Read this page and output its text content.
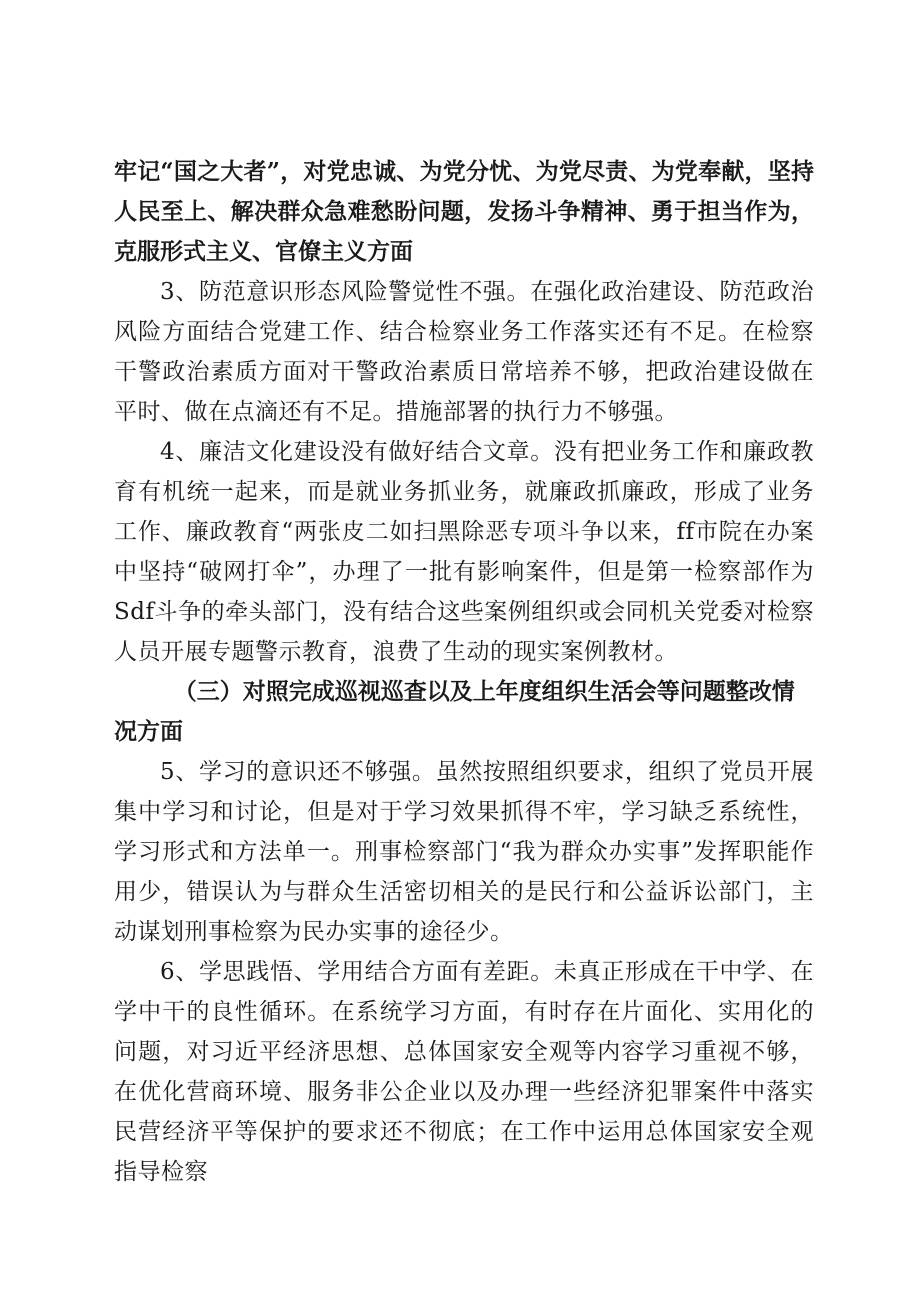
牢记“国之大者”，对党忠诚、为党分忧、为党尽责、为党奉献，坚持人民至上、解决群众急难愁盼问题，发扬斗争精神、勇于担当作为，克服形式主义、官僚主义方面

3、防范意识形态风险警觉性不强。在强化政治建设、防范政治风险方面结合党建工作、结合检察业务工作落实还有不足。在检察干警政治素质方面对干警政治素质日常培养不够，把政治建设做在平时、做在点滴还有不足。措施部署的执行力不够强。

4、廉洁文化建设没有做好结合文章。没有把业务工作和廉政教育有机统一起来，而是就业务抓业务，就廉政抓廉政，形成了业务工作、廉政教育“两张皮二如扫黑除恶专项斗争以来，ff市院在办案中坚持“破网打伞”，办理了一批有影响案件，但是第一检察部作为Sdf斗争的牵头部门，没有结合这些案例组织或会同机关党委对检察人员开展专题警示教育，浪费了生动的现实案例教材。

（三）对照完成巡视巡查以及上年度组织生活会等问题整改情况方面

5、学习的意识还不够强。虽然按照组织要求，组织了党员开展集中学习和讨论，但是对于学习效果抓得不牢，学习缺乏系统性，学习形式和方法单一。刑事检察部门“我为群众办实事”发挥职能作用少，错误认为与群众生活密切相关的是民行和公益诉讼部门，主动谋划刑事检察为民办实事的途径少。

6、学思践悟、学用结合方面有差距。未真正形成在干中学、在学中干的良性循环。在系统学习方面，有时存在片面化、实用化的问题，对习近平经济思想、总体国家安全观等内容学习重视不够，在优化营商环境、服务非公企业以及办理一些经济犯罪案件中落实民营经济平等保护的要求还不彻底；在工作中运用总体国家安全观指导检察
